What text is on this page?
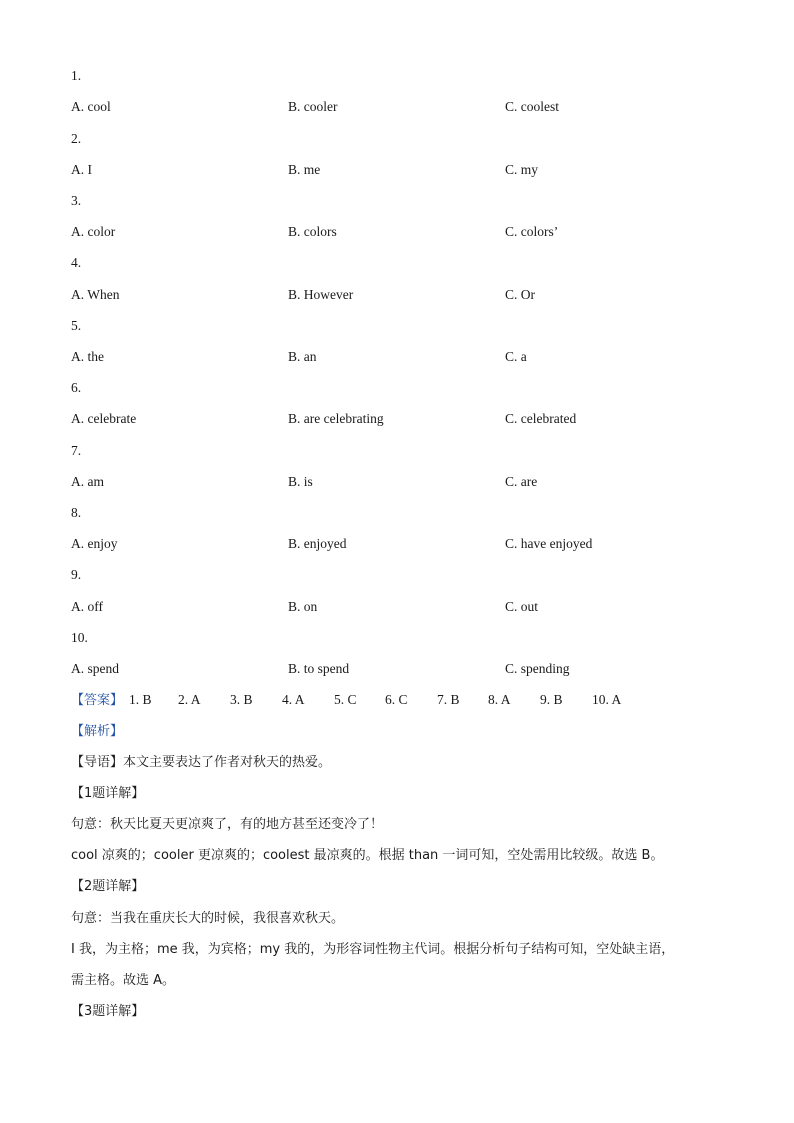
1.
A. cool	B. cooler	C. coolest
2.
A. I	B. me	C. my
3.
A. color	B. colors	C. colors’
4.
A. When	B. However	C. Or
5.
A. the	B. an	C. a
6.
A. celebrate	B. are celebrating	C. celebrated
7.
A. am	B. is	C. are
8.
A. enjoy	B. enjoyed	C. have enjoyed
9.
A. off	B. on	C. out
10.
A. spend	B. to spend	C. spending
【答案】 1. B 2. A 3. B 4. A 5. C 6. C 7. B 8. A 9. B 10. A
【解析】
【导语】本文主要表达了作者对秋天的热爱。
【1题详解】
句意：秋天比夏天更凉爽了，有的地方甚至还变冷了！
cool 凉爽的；cooler 更凉爽的；coolest 最凉爽的。根据 than 一词可知，空处需用比较级。故选 B。
【2题详解】
句意：当我在重庆长大的时候，我很喜欢秋天。
I 我，为主格；me 我，为宾格；my 我的，为形容词性物主代词。根据分析句子结构可知，空处缺主语，
需主格。故选 A。
【3题详解】
